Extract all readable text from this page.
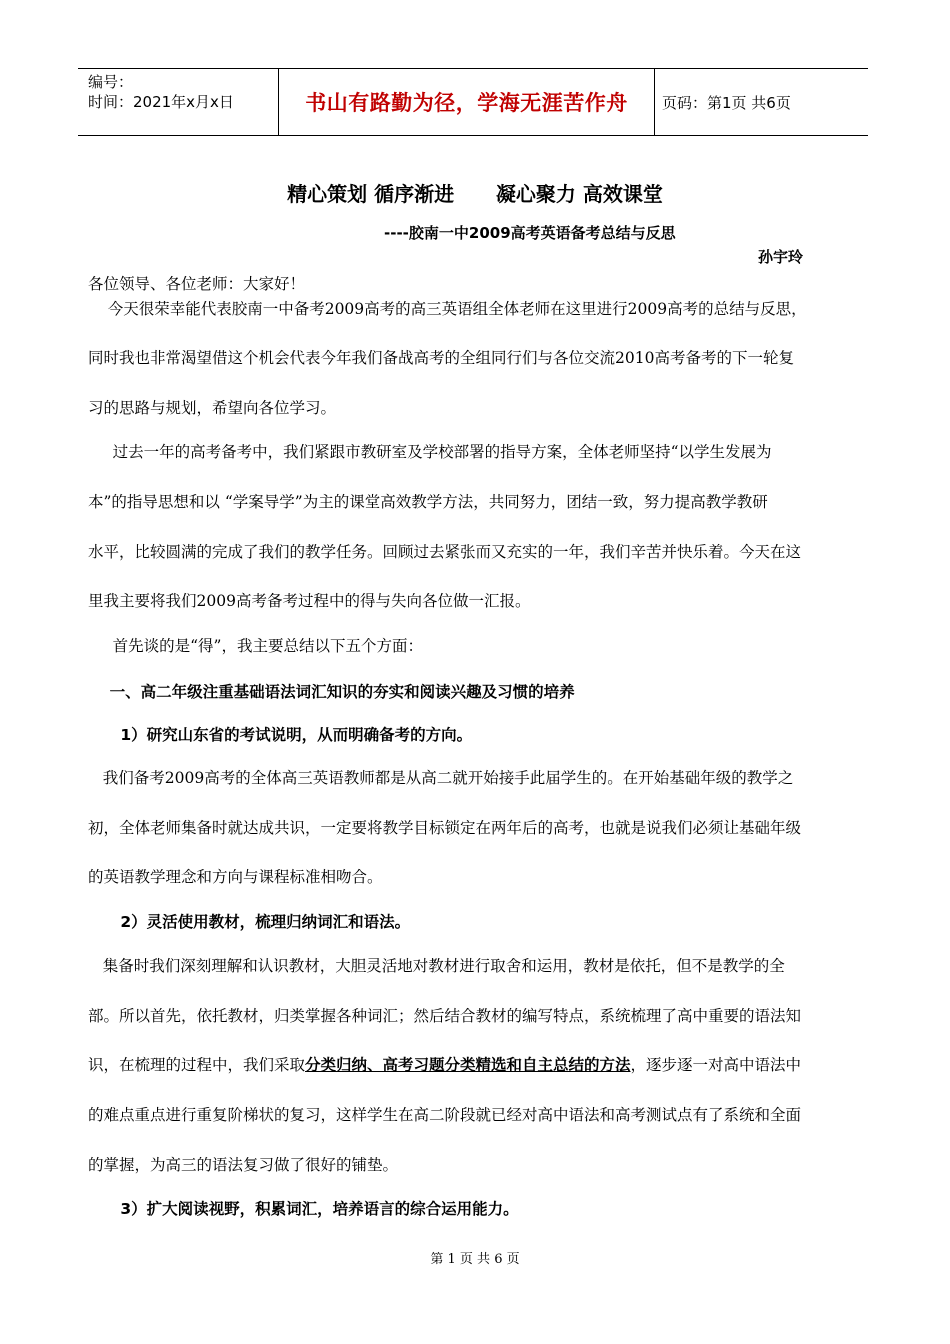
编号：
时间：2021年x月x日	书山有路勤为径，学海无涯苦作舟	页码：第1页 共6页
精心策划 循序渐进      凝心聚力 高效课堂
----胶南一中2009高考英语备考总结与反思
孙宇玲
各位领导、各位老师：大家好！
今天很荣幸能代表胶南一中备考2009高考的高三英语组全体老师在这里进行2009高考的总结与反思，
同时我也非常渴望借这个机会代表今年我们备战高考的全组同行们与各位交流2010高考备考的下一轮复
习的思路与规划，希望向各位学习。
过去一年的高考备考中，我们紧跟市教研室及学校部署的指导方案，全体老师坚持“以学生发展为
本”的指导思想和以 “学案导学”为主的课堂高效教学方法，共同努力，团结一致，努力提高教学教研
水平，比较圆满的完成了我们的教学任务。回顾过去紧张而又充实的一年，我们辛苦并快乐着。今天在这
里我主要将我们2009高考备考过程中的得与失向各位做一汇报。
首先谈的是“得”，我主要总结以下五个方面：
一、高二年级注重基础语法词汇知识的夯实和阅读兴趣及习惯的培养
1）研究山东省的考试说明，从而明确备考的方向。
我们备考2009高考的全体高三英语教师都是从高二就开始接手此届学生的。在开始基础年级的教学之
初，全体老师集备时就达成共识，一定要将教学目标锁定在两年后的高考，也就是说我们必须让基础年级
的英语教学理念和方向与课程标准相吻合。
2）灵活使用教材，梳理归纳词汇和语法。
集备时我们深刻理解和认识教材，大胆灵活地对教材进行取舍和运用，教材是依托，但不是教学的全
部。所以首先，依托教材，归类掌握各种词汇；然后结合教材的编写特点，系统梳理了高中重要的语法知
识，在梳理的过程中，我们采取分类归纳、高考习题分类精选和自主总结的方法，逐步逐一对高中语法中
的难点重点进行重复阶梯状的复习，这样学生在高二阶段就已经对高中语法和高考测试点有了系统和全面
的掌握，为高三的语法复习做了很好的铺垫。
3）扩大阅读视野，积累词汇，培养语言的综合运用能力。
第 1 页 共 6 页
